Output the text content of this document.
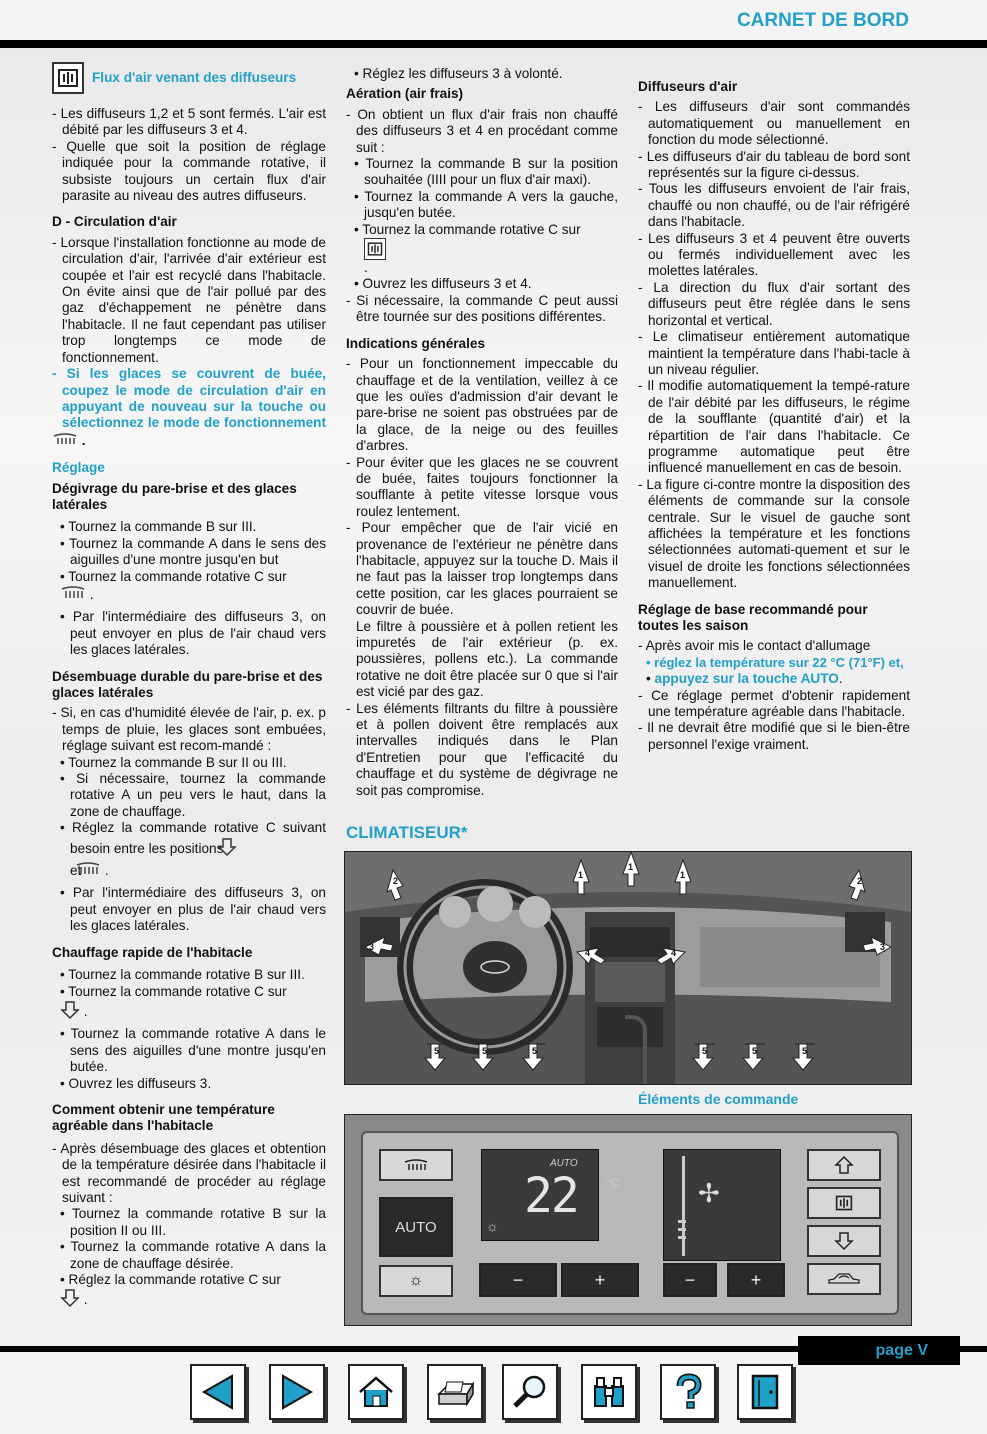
CARNET DE BORD
Flux d'air venant des diffuseurs

- Les diffuseurs 1,2 et 5 sont fermés. L'air est débité par les diffuseurs 3 et 4.

- Quelle que soit la position de réglage indiquée pour la commande rotative, il subsiste toujours un certain flux d'air parasite au niveau des autres diffuseurs.

D - Circulation d'air

- Lorsque l'installation fonctionne au mode de circulation d'air, l'arrivée d'air extérieur est coupée et l'air est recyclé dans l'habitacle. On évite ainsi que de l'air pollué par des gaz d'échappement ne pénètre dans l'habitacle. Il ne faut cependant pas utiliser trop longtemps ce mode de fonctionnement.

- Si les glaces se couvrent de buée, coupez le mode de circulation d'air en appuyant de nouveau sur la touche ou sélectionnez le mode de fonctionnement  .

Réglage

Dégivrage du pare-brise et des glaces latérales

• Tournez la commande B sur III.

• Tournez la commande A dans le sens des aiguilles d'une montre jusqu'en but

• Tournez la commande rotative C sur
.

• Par l'intermédiaire des diffuseurs 3, on peut envoyer en plus de l'air chaud vers les glaces latérales.

Désembuage durable du pare-brise et des glaces latérales

- Si, en cas d'humidité élevée de l'air, p. ex. p temps de pluie, les glaces sont embuées, réglage suivant est recom-mandé :

• Tournez la commande B sur II ou III.

• Si nécessaire, tournez la commande rotative A un peu vers le haut, dans la zone de chauffage.

• Réglez la commande rotative C suivant besoin entre les positions
et  .

• Par l'intermédiaire des diffuseurs 3, on peut envoyer en plus de l'air chaud vers les glaces latérales.

Chauffage rapide de l'habitacle

• Tournez la commande rotative B sur III.

• Tournez la commande rotative C sur
.

• Tournez la commande rotative A dans le sens des aiguilles d'une montre jusqu'en butée.

• Ouvrez les diffuseurs 3.

Comment obtenir une température agréable dans l'habitacle

- Après désembuage des glaces et obtention de la température désirée dans l'habitacle il est recommandé de procéder au réglage suivant :

• Tournez la commande rotative B sur la position II ou III.

• Tournez la commande rotative A dans la zone de chauffage désirée.

• Réglez la commande rotative C sur
.

• Réglez les diffuseurs 3 à volonté.

Aération (air frais)

- On obtient un flux d'air frais non chauffé des diffuseurs 3 et 4 en procédant comme suit :

• Tournez la commande B sur la position souhaitée (IIII pour un flux d'air maxi).

• Tournez la commande A vers la gauche, jusqu'en butée.

• Tournez la commande rotative C sur

.

• Ouvrez les diffuseurs 3 et 4.

- Si nécessaire, la commande C peut aussi être tournée sur des positions différentes.

Indications générales

- Pour un fonctionnement impeccable du chauffage et de la ventilation, veillez à ce que les ouïes d'admission d'air devant le pare-brise ne soient pas obstruées par de la glace, de la neige ou des feuilles d'arbres.

- Pour éviter que les glaces ne se couvrent de buée, faites toujours fonctionner la soufflante à petite vitesse lorsque vous roulez lentement.

- Pour empêcher que de l'air vicié en provenance de l'extérieur ne pénètre dans l'habitacle, appuyez sur la touche D. Mais il ne faut pas la laisser trop longtemps dans cette position, car les glaces pourraient se couvrir de buée.

Le filtre à poussière et à pollen retient les impuretés de l'air extérieur (p. ex. poussières, pollens etc.). La commande rotative ne doit être placée sur 0 que si l'air est vicié par des gaz.

- Les éléments filtrants du filtre à poussière et à pollen doivent être remplacés aux intervalles indiqués dans le Plan d'Entretien pour que l'efficacité du chauffage et du système de dégivrage ne soit pas compromise.

Diffuseurs d'air

- Les diffuseurs d'air sont commandés automatiquement ou manuellement en fonction du mode sélectionné.

- Les diffuseurs d'air du tableau de bord sont représentés sur la figure ci-dessus.

- Tous les diffuseurs envoient de l'air frais, chauffé ou non chauffé, ou de l'air réfrigéré dans l'habitacle.

- Les diffuseurs 3 et 4 peuvent être ouverts ou fermés individuellement avec les molettes latérales.

- La direction du flux d'air sortant des diffuseurs peut être réglée dans le sens horizontal et vertical.

- Le climatiseur entièrement automatique maintient la température dans l'habi-tacle à un niveau régulier.

- Il modifie automatiquement la tempé-rature de l'air débité par les diffuseurs, le régime de la soufflante (quantité d'air) et la répartition de l'air dans l'habitacle. Ce programme automatique peut être influencé manuellement en cas de besoin.

- La figure ci-contre montre la disposition des éléments de commande sur la console centrale. Sur le visuel de gauche sont affichées la température et les fonctions sélectionnées automati-quement et sur le visuel de droite les fonctions sélectionnées manuellement.

Réglage de base recommandé pour toutes les saison

- Après avoir mis le contact d'allumage

• réglez la température sur 22 °C (71°F) et,

• appuyez sur la touche AUTO.

- Ce réglage permet d'obtenir rapidement une température agréable dans l'habitacle.

- Il ne devrait être modifié que si le bien-être personnel l'exige vraiment.

CLIMATISEUR*
1
1
1
2	2
3	3
4	4
5	5	5	5	5	5
Éléments de commande
AUTO
☼
AUTO
22 °C
☼
−	+
✢
−	+
page V
